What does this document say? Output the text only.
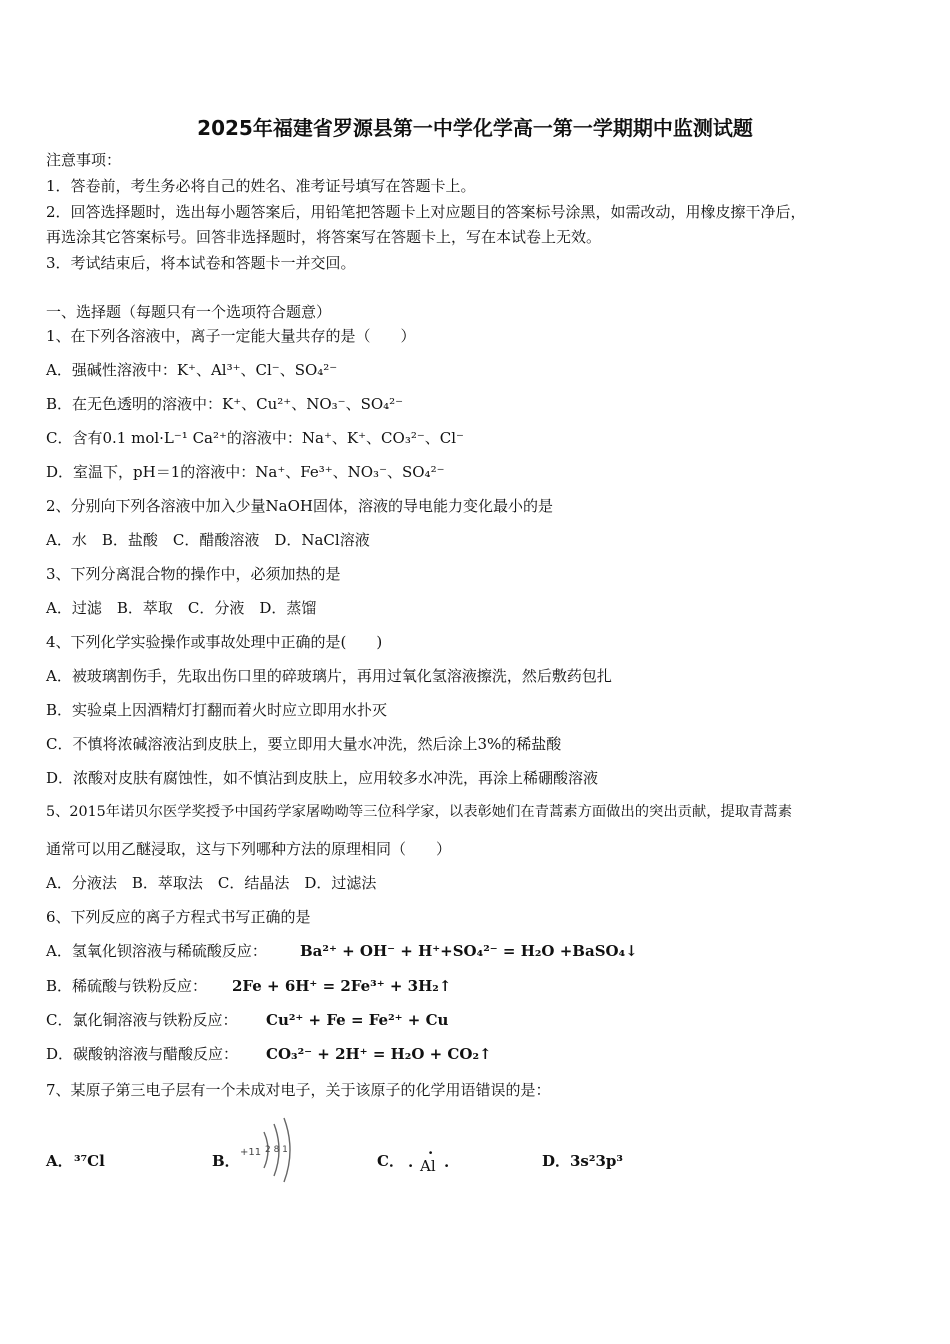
2025年福建省罗源县第一中学化学高一第一学期期中监测试题
注意事项：
1．答卷前，考生务必将自己的姓名、准考证号填写在答题卡上。
2．回答选择题时，选出每小题答案后，用铅笔把答题卡上对应题目的答案标号涂黑，如需改动，用橡皮擦干净后，
再选涂其它答案标号。回答非选择题时，将答案写在答题卡上，写在本试卷上无效。
3．考试结束后，将本试卷和答题卡一并交回。
一、选择题（每题只有一个选项符合题意）
1、在下列各溶液中，离子一定能大量共存的是（　　）
A．强碱性溶液中：K⁺、Al³⁺、Cl⁻、SO₄²⁻
B．在无色透明的溶液中：K⁺、Cu²⁺、NO₃⁻、SO₄²⁻
C．含有0.1 mol·L⁻¹ Ca²⁺的溶液中：Na⁺、K⁺、CO₃²⁻、Cl⁻
D．室温下，pH＝1的溶液中：Na⁺、Fe³⁺、NO₃⁻、SO₄²⁻
2、分别向下列各溶液中加入少量NaOH固体，溶液的导电能力变化最小的是
A．水　B．盐酸　C．醋酸溶液　D．NaCl溶液
3、下列分离混合物的操作中，必须加热的是
A．过滤　B．萃取　C．分液　D．蒸馏
4、下列化学实验操作或事故处理中正确的是(　　)
A．被玻璃割伤手，先取出伤口里的碎玻璃片，再用过氧化氢溶液擦洗，然后敷药包扎
B．实验桌上因酒精灯打翻而着火时应立即用水扑灭
C．不慎将浓碱溶液沾到皮肤上，要立即用大量水冲洗，然后涂上3%的稀盐酸
D．浓酸对皮肤有腐蚀性，如不慎沾到皮肤上，应用较多水冲洗，再涂上稀硼酸溶液
5、2015年诺贝尔医学奖授予中国药学家屠呦呦等三位科学家，以表彰她们在青蒿素方面做出的突出贡献，提取青蒿素
通常可以用乙醚浸取，这与下列哪种方法的原理相同（　　）
A．分液法　B．萃取法　C．结晶法　D．过滤法
6、下列反应的离子方程式书写正确的是
A．氢氧化钡溶液与稀硫酸反应： Ba²⁺ + OH⁻ + H⁺+SO₄²⁻ = H₂O +BaSO₄↓
B．稀硫酸与铁粉反应： 2Fe + 6H⁺ = 2Fe³⁺ + 3H₂↑
C．氯化铜溶液与铁粉反应： Cu²⁺ + Fe = Fe²⁺ + Cu
D．碳酸钠溶液与醋酸反应： CO₃²⁻ + 2H⁺ = H₂O + CO₂↑
7、某原子第三电子层有一个未成对电子，关于该原子的化学用语错误的是：
A． ³⁷Cl	B． +11 2 8 1
C． ·
· Al ·	D． 3s²3p³
